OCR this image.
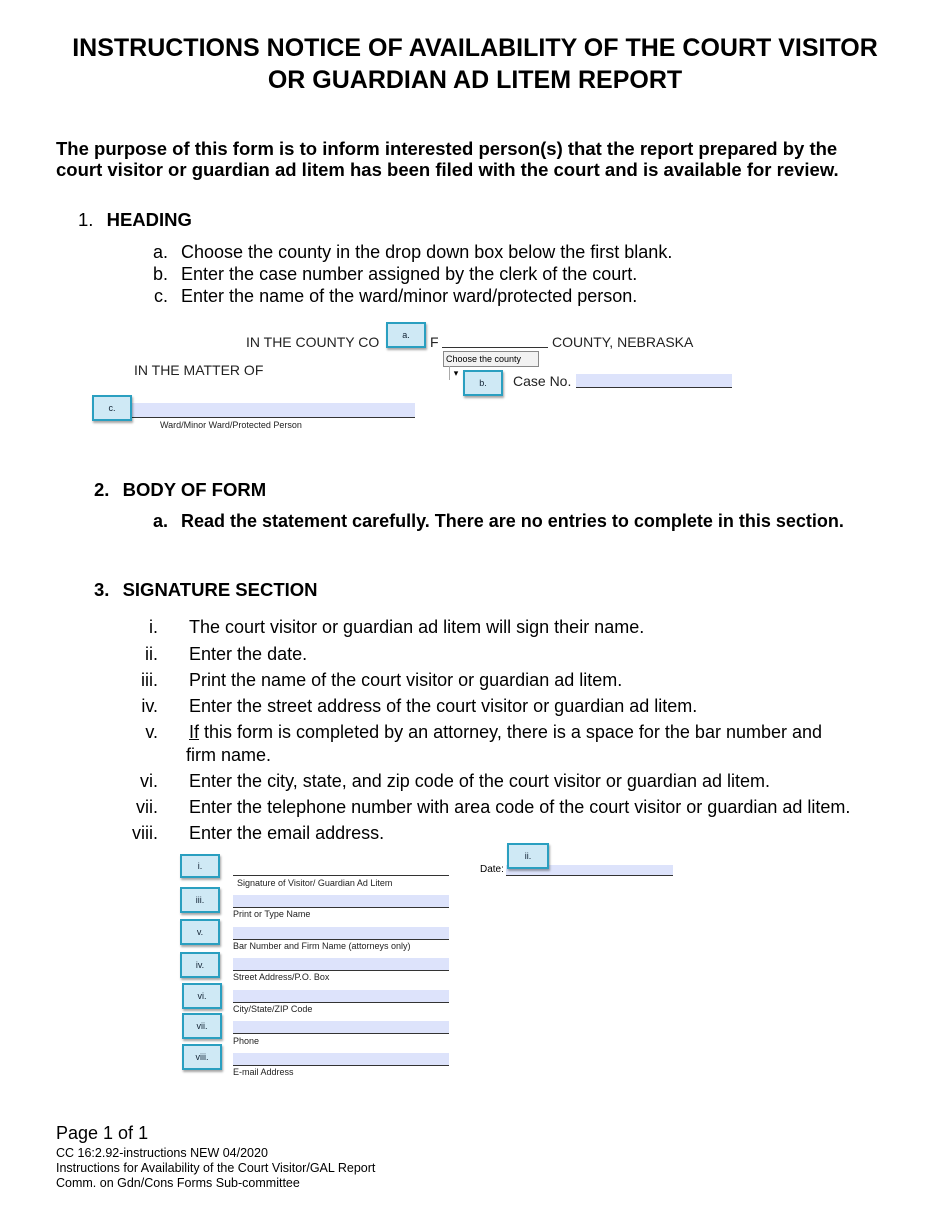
INSTRUCTIONS NOTICE OF AVAILABILITY OF THE COURT VISITOR
OR GUARDIAN AD LITEM REPORT
The purpose of this form is to inform interested person(s) that the report prepared by the court visitor or guardian ad litem has been filed with the court and is available for review.
1. HEADING
a. Choose the county in the drop down box below the first blank.
b. Enter the case number assigned by the clerk of the court.
c. Enter the name of the ward/minor ward/protected person.
IN THE COUNTY CO	F	COUNTY, NEBRASKA
Choose the county▾
IN THE MATTER OF
Case No.
Ward/Minor Ward/Protected Person
a.
b.
c.
2. BODY OF FORM
a. Read the statement carefully. There are no entries to complete in this section.
3. SIGNATURE SECTION
i. The court visitor or guardian ad litem will sign their name.
ii. Enter the date.
iii. Print the name of the court visitor or guardian ad litem.
iv. Enter the street address of the court visitor or guardian ad litem.
v. If this form is completed by an attorney, there is a space for the bar number and
firm name.
vi. Enter the city, state, and zip code of the court visitor or guardian ad litem.
vii. Enter the telephone number with area code of the court visitor or guardian ad litem.
viii. Enter the email address.
Signature of Visitor/ Guardian Ad Litem
i.
Print or Type Name
iii.
Bar Number and Firm Name (attorneys only)
v.
Street Address/P.O. Box
iv.
City/State/ZIP Code
vi.
Phone
vii.
E-mail Address
viii.
Date:
ii.
Page 1 of 1
CC 16:2.92-instructions NEW 04/2020
Instructions for Availability of the Court Visitor/GAL Report
Comm. on Gdn/Cons Forms Sub-committee
